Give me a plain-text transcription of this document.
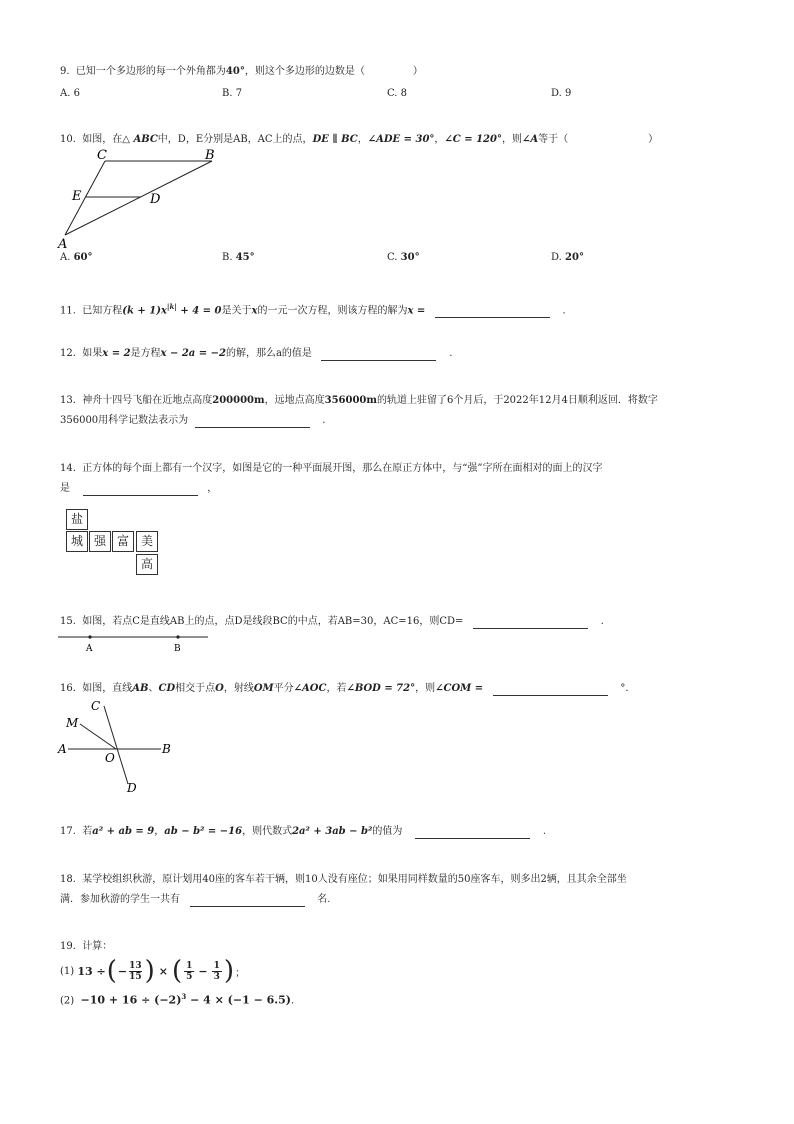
9. 已知一个多边形的每一个外角都为40°，则这个多边形的边数是（	）
A. 6	B. 7	C. 8	D. 9
10. 如图，在△ ABC中，D，E分别是AB，AC上的点，DE ∥ BC，∠ADE = 30°，∠C = 120°，则∠A等于（	）
C	B
E	D
A
A. 60°	B. 45°	C. 30°	D. 20°
11. 已知方程$(k + 1)x^{|k|} + 4 = 0$是关于x的一元一次方程，则该方程的解为x =	.
12. 如果x = 2是方程x − 2a = −2的解，那么a的值是	.
13. 神舟十四号飞船在近地点高度200000m，远地点高度356000m的轨道上驻留了6个月后，于2022年12月4日顺利返回．将数字
356000用科学记数法表示为	.
14. 正方体的每个面上都有一个汉字，如图是它的一种平面展开图，那么在原正方体中，与“强”字所在面相对的面上的汉字
是	，
盐
城 强 富 美
高
15. 如图，若点C是直线AB上的点，点D是线段BC的中点，若AB=30，AC=16，则CD=	.
A	B
16. 如图，直线AB、CD相交于点O，射线OM平分∠AOC，若∠BOD = 72°，则∠COM =	°．
C
M
A
O
B
D
17. 若a² + ab = 9，ab − b² = −16，则代数式2a² + 3ab − b²的值为	.
18. 某学校组织秋游，原计划用40座的客车若干辆，则10人没有座位；如果用同样数量的50座客车，则多出2辆，且其余全部坐
满．参加秋游的学生一共有	名.
19. 计算：
(1)
13 ÷ ( − $\frac{13}{15}$ ) × ( 1
$5 - \frac{1}{3}$ ) ；
$(2) -10 + 16 \div (-2)^3 - 4 \times (-1 - 6.5)$.
